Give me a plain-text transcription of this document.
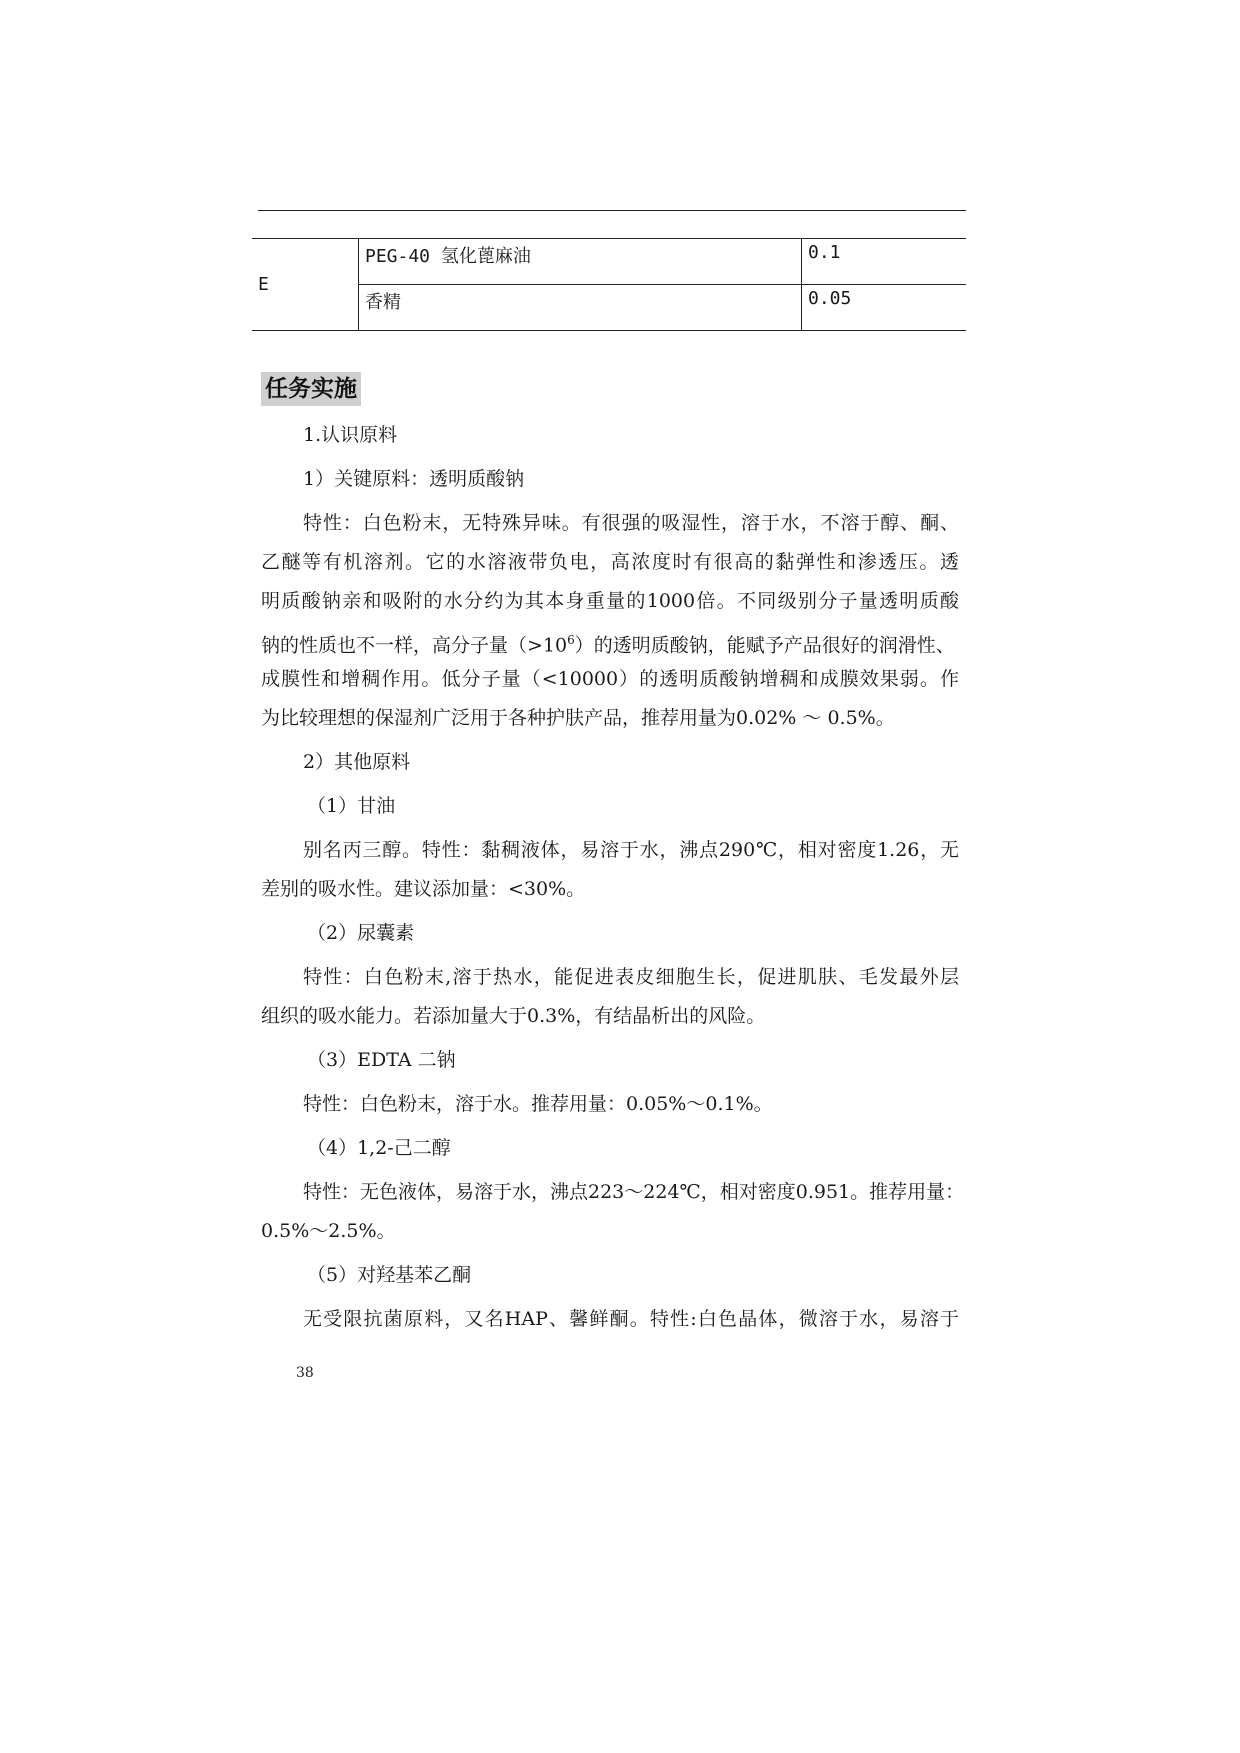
E	PEG-40 氢化蓖麻油	0.1
	香精	0.05
任务实施
1.认识原料
1）关键原料：透明质酸钠
特性：白色粉末，无特殊异味。有很强的吸湿性，溶于水，不溶于醇、酮、
乙醚等有机溶剂。它的水溶液带负电，高浓度时有很高的黏弹性和渗透压。透
明质酸钠亲和吸附的水分约为其本身重量的1000倍。不同级别分子量透明质酸
钠的性质也不一样，高分子量$(>10^6)$的透明质酸钠，能赋予产品很好的润滑性、
成膜性和增稠作用。低分子量（<10000）的透明质酸钠增稠和成膜效果弱。作
为比较理想的保湿剂广泛用于各种护肤产品，推荐用量为0.02% ～ 0.5%。
2）其他原料
（1）甘油
别名丙三醇。特性：黏稠液体，易溶于水，沸点290℃，相对密度1.26，无
差别的吸水性。建议添加量：<30%。
（2）尿囊素
特性：白色粉末,溶于热水，能促进表皮细胞生长，促进肌肤、毛发最外层
组织的吸水能力。若添加量大于0.3%，有结晶析出的风险。
（3）EDTA 二钠
特性：白色粉末，溶于水。推荐用量：0.05%～0.1%。
（4）1,2-己二醇
特性：无色液体，易溶于水，沸点223～224℃，相对密度0.951。推荐用量：
0.5%～2.5%。
（5）对羟基苯乙酮
无受限抗菌原料，又名HAP、馨鲜酮。特性:白色晶体，微溶于水，易溶于
38
